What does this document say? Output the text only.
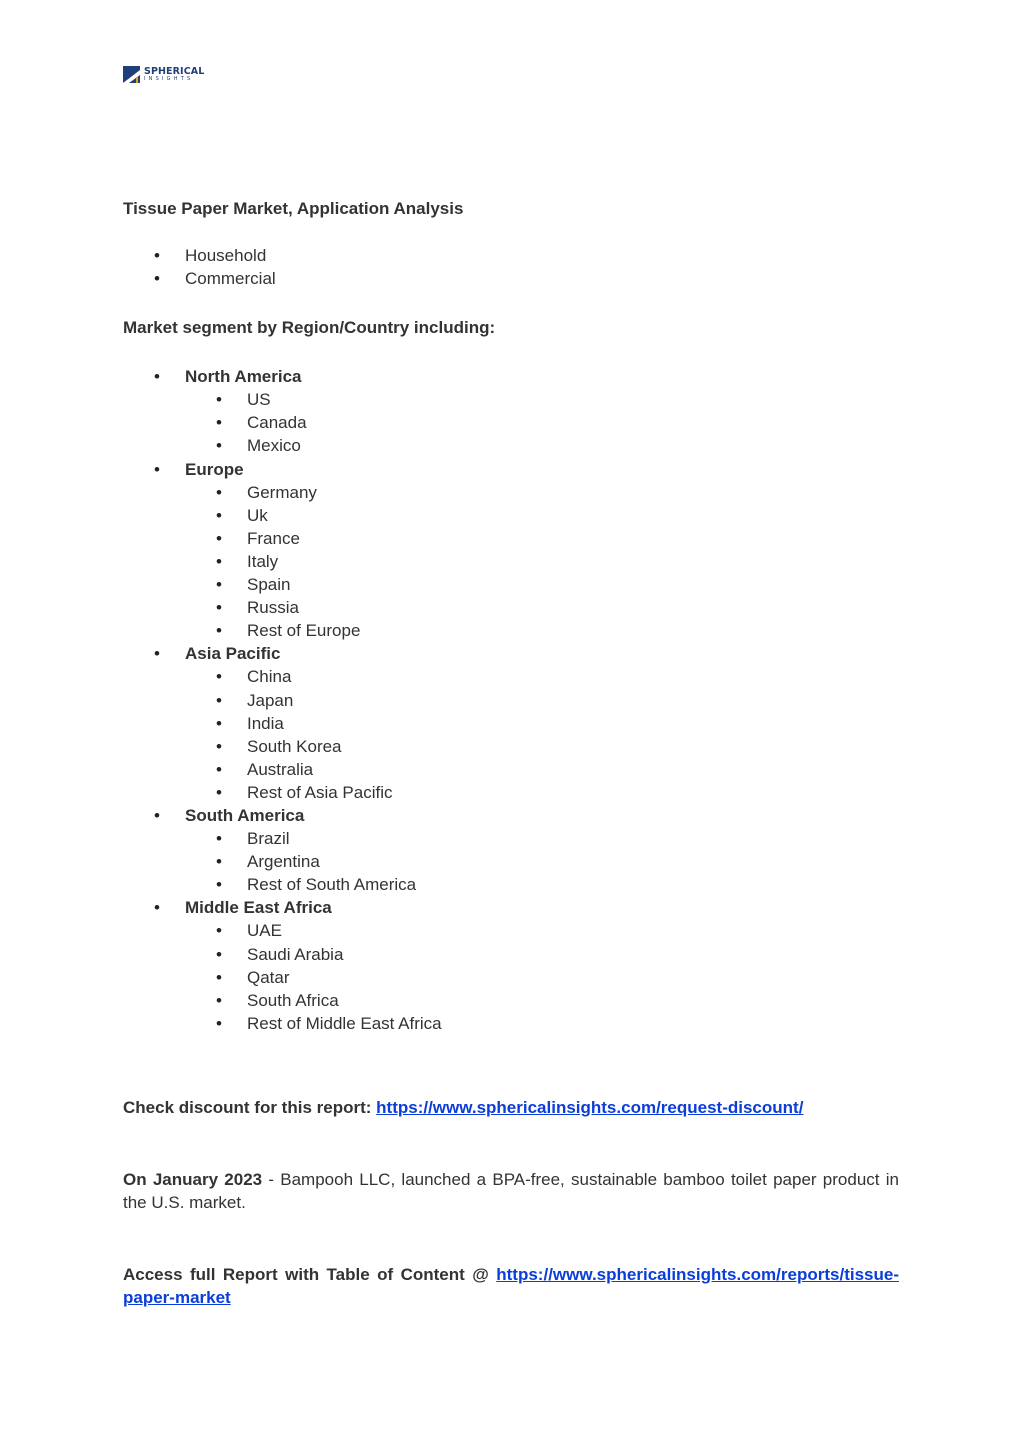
SPHERICAL
INSIGHTS

Tissue Paper Market, Application Analysis

• Household
• Commercial

Market segment by Region/Country including:

• North America
• US
• Canada
• Mexico
• Europe
• Germany
• Uk
• France
• Italy
• Spain
• Russia
• Rest of Europe
• Asia Pacific
• China
• Japan
• India
• South Korea
• Australia
• Rest of Asia Pacific
• South America
• Brazil
• Argentina
• Rest of South America
• Middle East Africa
• UAE
• Saudi Arabia
• Qatar
• South Africa
• Rest of Middle East Africa

Check discount for this report: https://www.sphericalinsights.com/request-discount/

On January 2023 - Bampooh LLC, launched a BPA-free, sustainable bamboo toilet paper product in the U.S. market.

Access full Report with Table of Content @ https://www.sphericalinsights.com/reports/tissue-paper-market
